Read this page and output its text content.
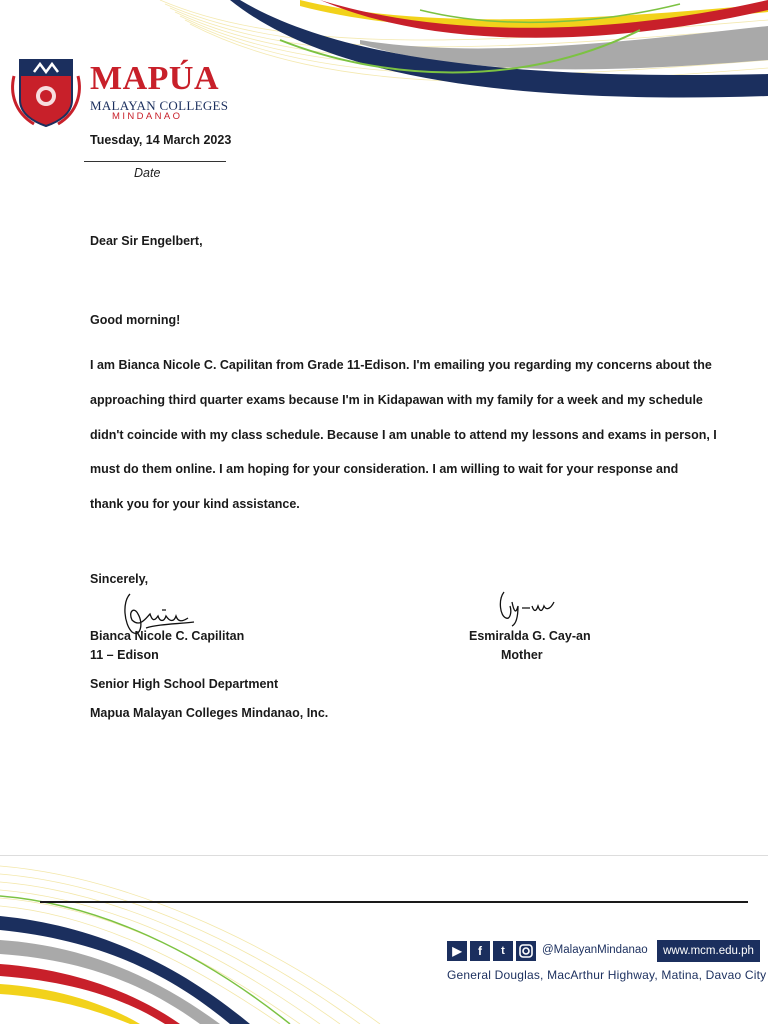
MAPÚA
MALAYAN COLLEGES
MINDANAO
Tuesday, 14 March 2023
Date
Dear Sir Engelbert,
Good morning!
I am Bianca Nicole C. Capilitan from Grade 11-Edison. I'm emailing you regarding my concerns about the
approaching third quarter exams because I'm in Kidapawan with my family for a week and my schedule
didn't coincide with my class schedule. Because I am unable to attend my lessons and exams in person, I
must do them online. I am hoping for your consideration. I am willing to wait for your response and
thank you for your kind assistance.
Sincerely,
Bianca Nicole C. Capilitan
11 – Edison
Senior High School Department
Mapua Malayan Colleges Mindanao, Inc.
Esmiralda G. Cay-an
Mother
▶	f	t	@MalayanMindanao	www.mcm.edu.ph
General Douglas, MacArthur Highway, Matina, Davao City
